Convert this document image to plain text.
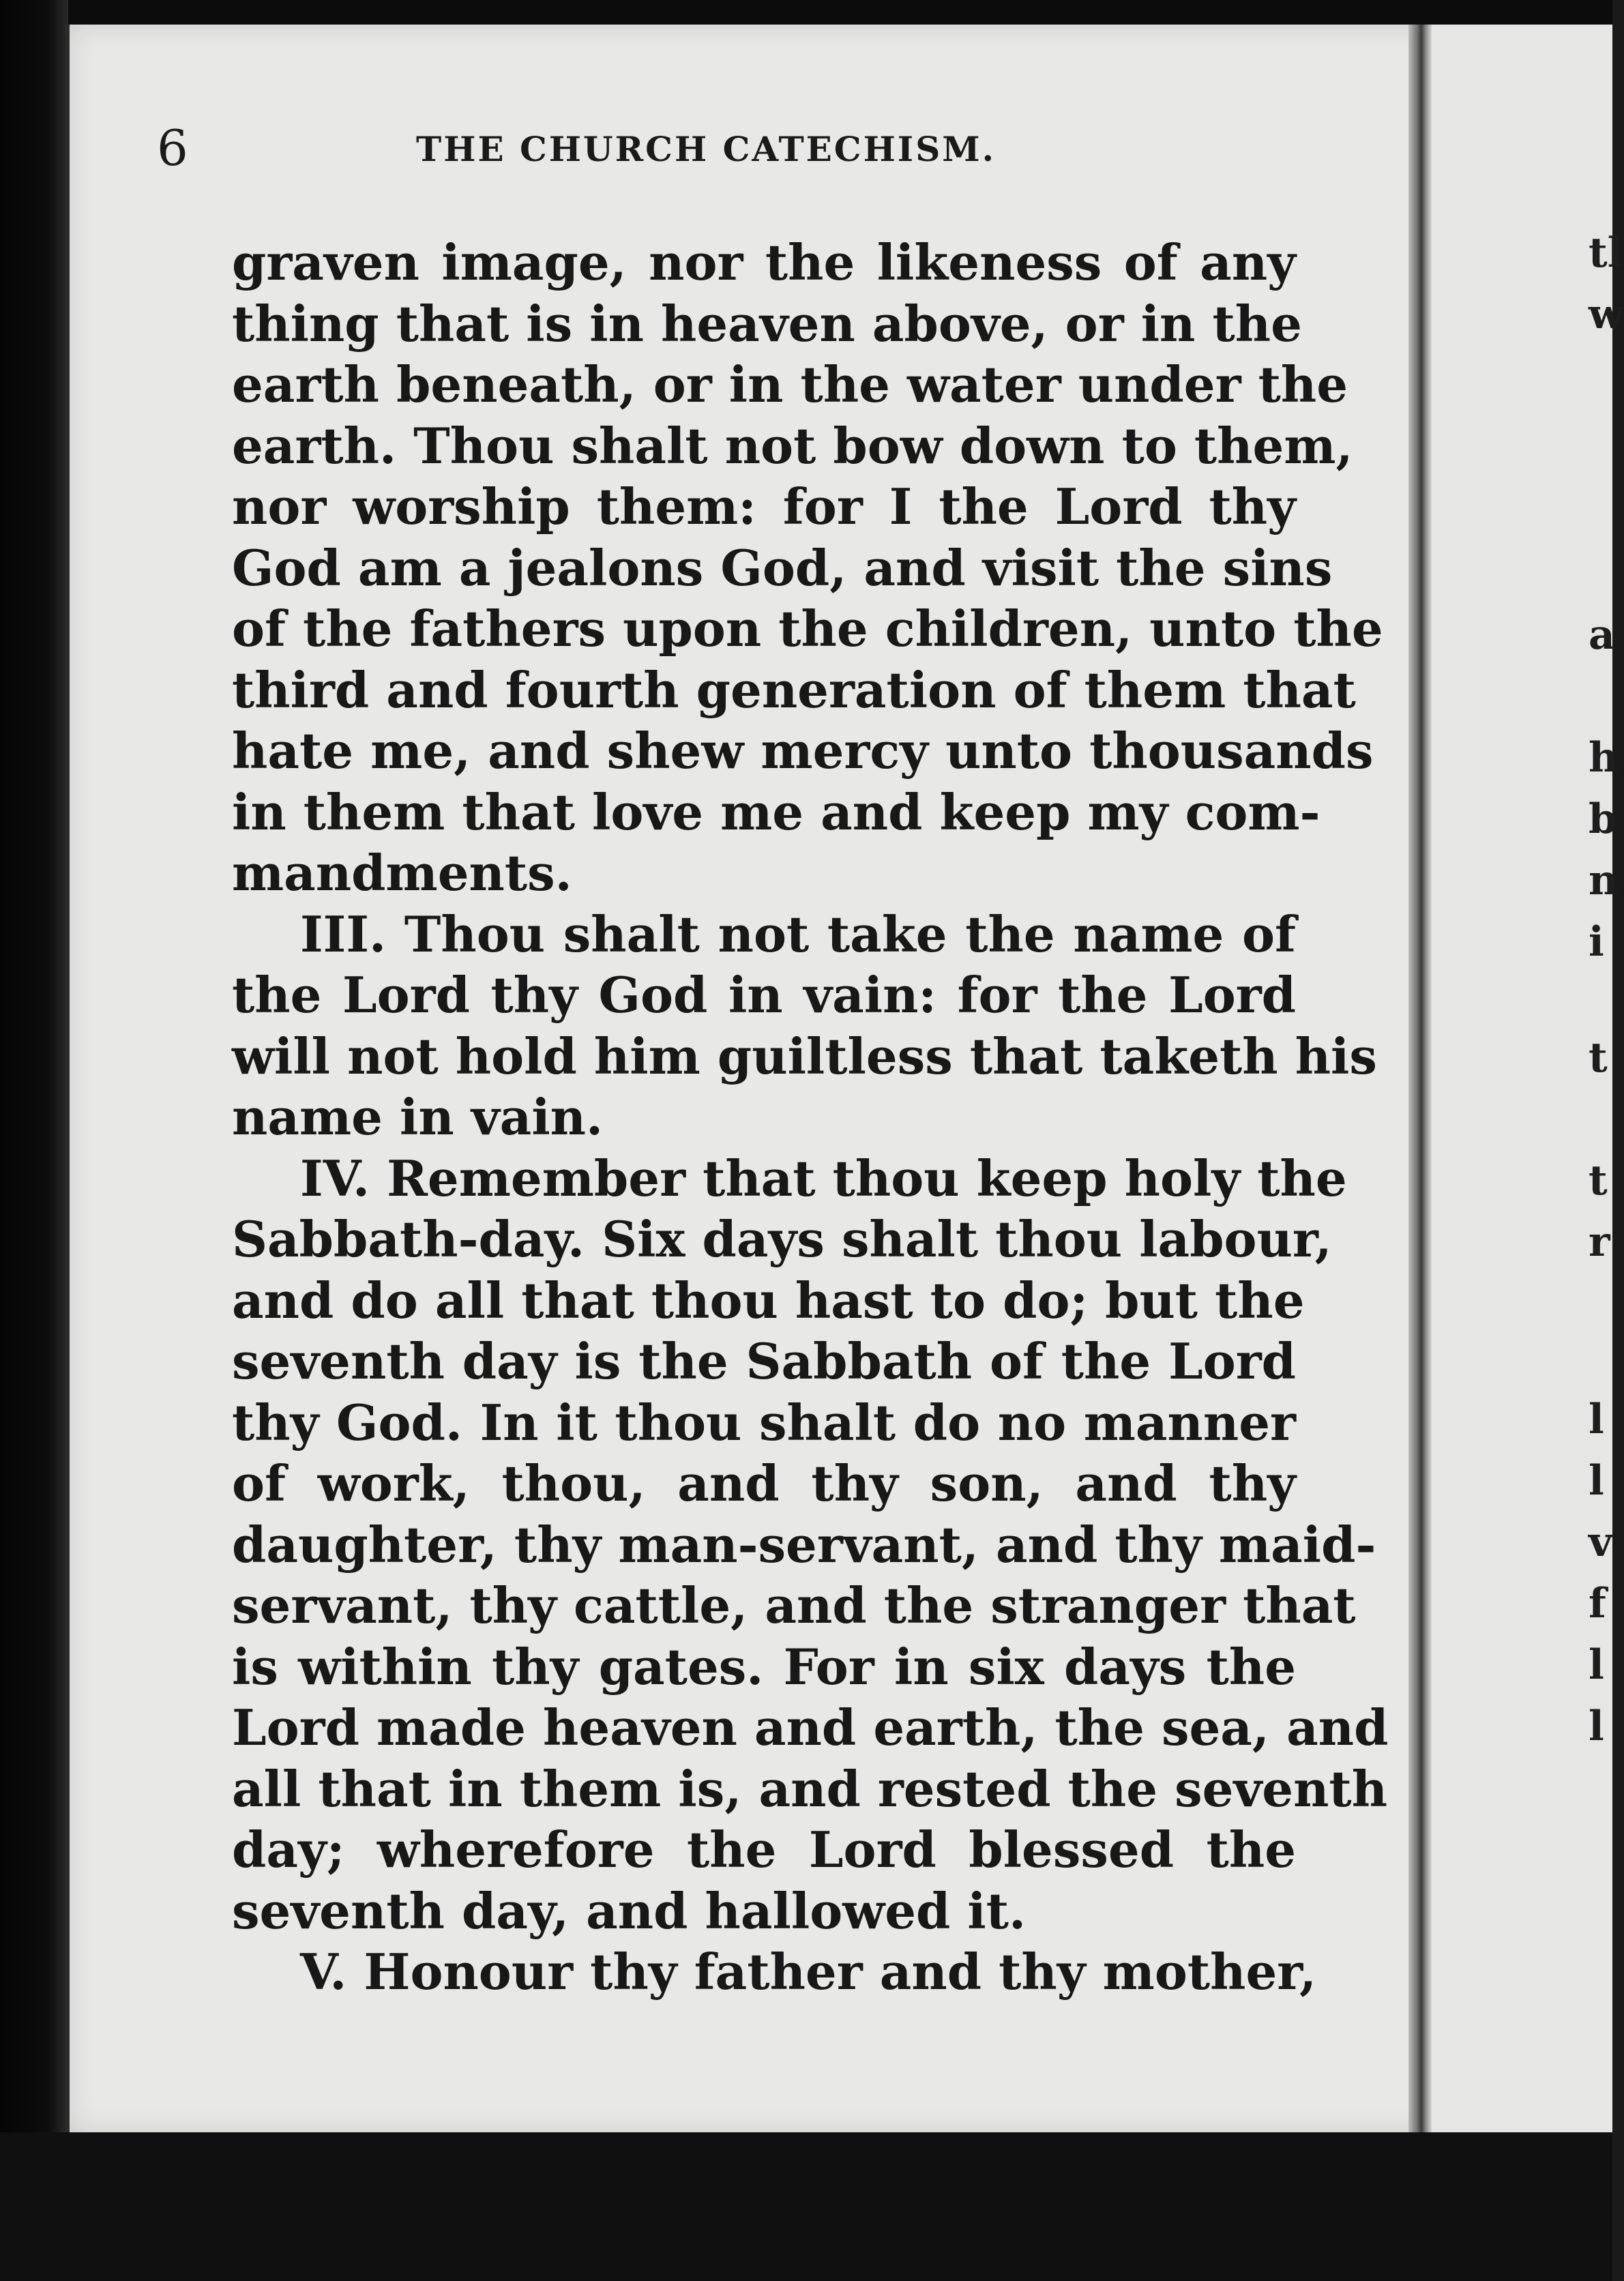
tl
w
a
h
b
n
i
t
t
r
l
l
v
f
l
l
6	THE CHURCH CATECHISM.
graven image, nor the likeness of any
thing that is in heaven above, or in the
earth beneath, or in the water under the
earth. Thou shalt not bow down to them,
nor worship them: for I the Lord thy
God am a jealons God, and visit the sins
of the fathers upon the children, unto the
third and fourth generation of them that
hate me, and shew mercy unto thousands
in them that love me and keep my com-
mandments.
III. Thou shalt not take the name of
the Lord thy God in vain: for the Lord
will not hold him guiltless that taketh his
name in vain.
IV. Remember that thou keep holy the
Sabbath-day. Six days shalt thou labour,
and do all that thou hast to do; but the
seventh day is the Sabbath of the Lord
thy God. In it thou shalt do no manner
of work, thou, and thy son, and thy
daughter, thy man-servant, and thy maid-
servant, thy cattle, and the stranger that
is within thy gates. For in six days the
Lord made heaven and earth, the sea, and
all that in them is, and rested the seventh
day; wherefore the Lord blessed the
seventh day, and hallowed it.
V. Honour thy father and thy mother,
